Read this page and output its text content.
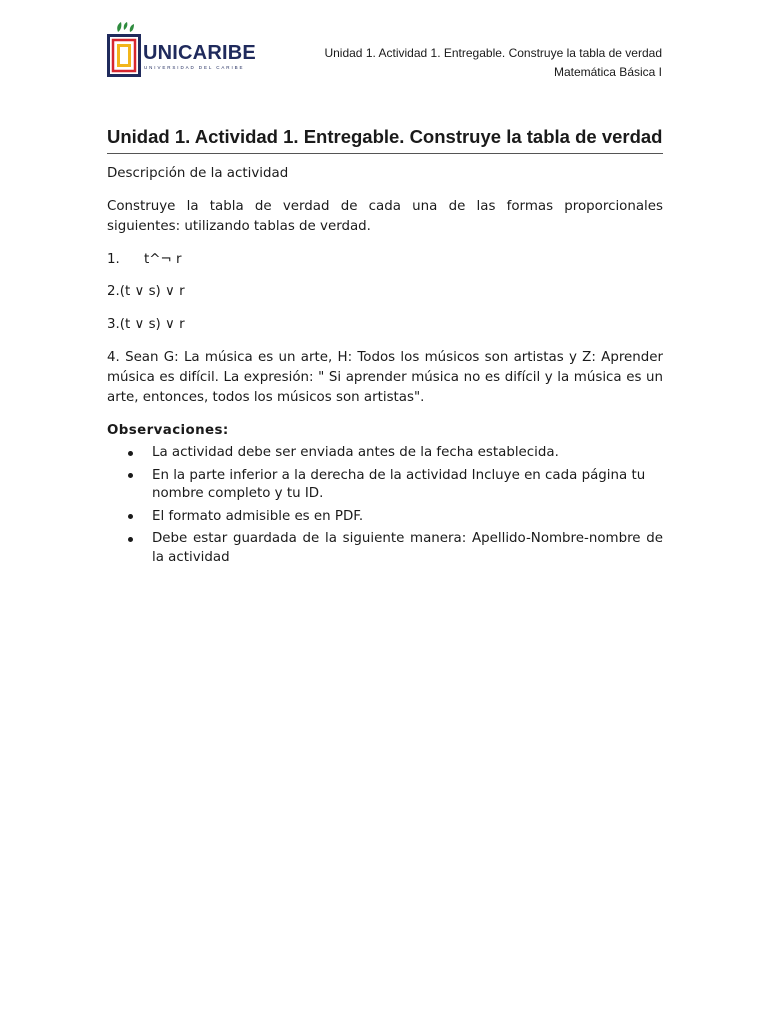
UNICARIBE
UNIVERSIDAD DEL CARIBE
Unidad 1. Actividad 1. Entregable. Construye la tabla de verdad
Matemática Básica I
Unidad 1. Actividad 1. Entregable. Construye la tabla de verdad

Descripción de la actividad

Construye la tabla de verdad de cada una de las formas proporcionales siguientes: utilizando tablas de verdad.

1. t^¬ r

2.(t ∨ s) ∨ r

3.(t ∨ s) ∨ r

4. Sean G: La música es un arte, H: Todos los músicos son artistas y Z: Aprender música es difícil. La expresión: " Si aprender música no es difícil y la música es un arte, entonces, todos los músicos son artistas".

Observaciones:

La actividad debe ser enviada antes de la fecha establecida.
En la parte inferior a la derecha de la actividad Incluye en cada página tu nombre completo y tu ID.
El formato admisible es en PDF.
Debe estar guardada de la siguiente manera: Apellido-Nombre-nombre de la actividad
